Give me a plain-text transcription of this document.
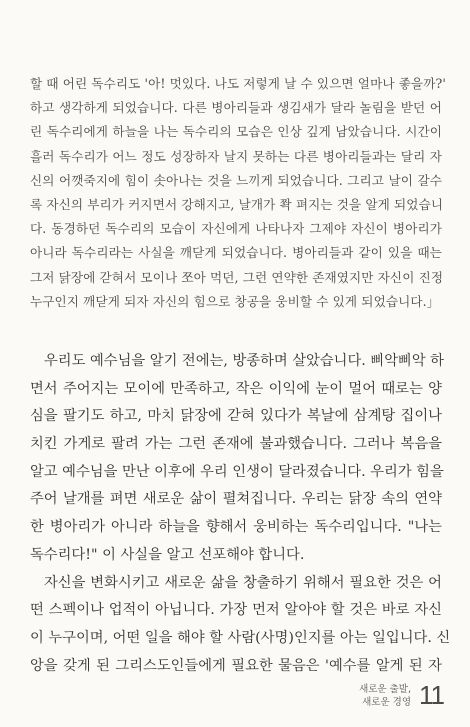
할 때 어린 독수리도 '아! 멋있다. 나도 저렇게 날 수 있으면 얼마나 좋을까?'
하고 생각하게 되었습니다. 다른 병아리들과 생김새가 달라 놀림을 받던 어
린 독수리에게 하늘을 나는 독수리의 모습은 인상 깊게 남았습니다. 시간이
흘러 독수리가 어느 정도 성장하자 날지 못하는 다른 병아리들과는 달리 자
신의 어깻죽지에 힘이 솟아나는 것을 느끼게 되었습니다. 그리고 날이 갈수
록 자신의 부리가 커지면서 강해지고, 날개가 쫙 펴지는 것을 알게 되었습니
다. 동경하던 독수리의 모습이 자신에게 나타나자 그제야 자신이 병아리가
아니라 독수리라는 사실을 깨닫게 되었습니다. 병아리들과 같이 있을 때는
그저 닭장에 갇혀서 모이나 쪼아 먹던, 그런 연약한 존재였지만 자신이 진정
누구인지 깨닫게 되자 자신의 힘으로 창공을 웅비할 수 있게 되었습니다.」
우리도 예수님을 알기 전에는, 방종하며 살았습니다. 삐악삐악 하
면서 주어지는 모이에 만족하고, 작은 이익에 눈이 멀어 때로는 양
심을 팔기도 하고, 마치 닭장에 갇혀 있다가 복날에 삼계탕 집이나
치킨 가게로 팔려 가는 그런 존재에 불과했습니다. 그러나 복음을
알고 예수님을 만난 이후에 우리 인생이 달라졌습니다. 우리가 힘을
주어 날개를 펴면 새로운 삶이 펼쳐집니다. 우리는 닭장 속의 연약
한 병아리가 아니라 하늘을 향해서 웅비하는 독수리입니다. "나는
독수리다!" 이 사실을 알고 선포해야 합니다.
자신을 변화시키고 새로운 삶을 창출하기 위해서 필요한 것은 어
떤 스펙이나 업적이 아닙니다. 가장 먼저 알아야 할 것은 바로 자신
이 누구이며, 어떤 일을 해야 할 사람(사명)인지를 아는 일입니다. 신
앙을 갖게 된 그리스도인들에게 필요한 물음은 '예수를 알게 된 자
새로운 출발,
새로운 경영 11
